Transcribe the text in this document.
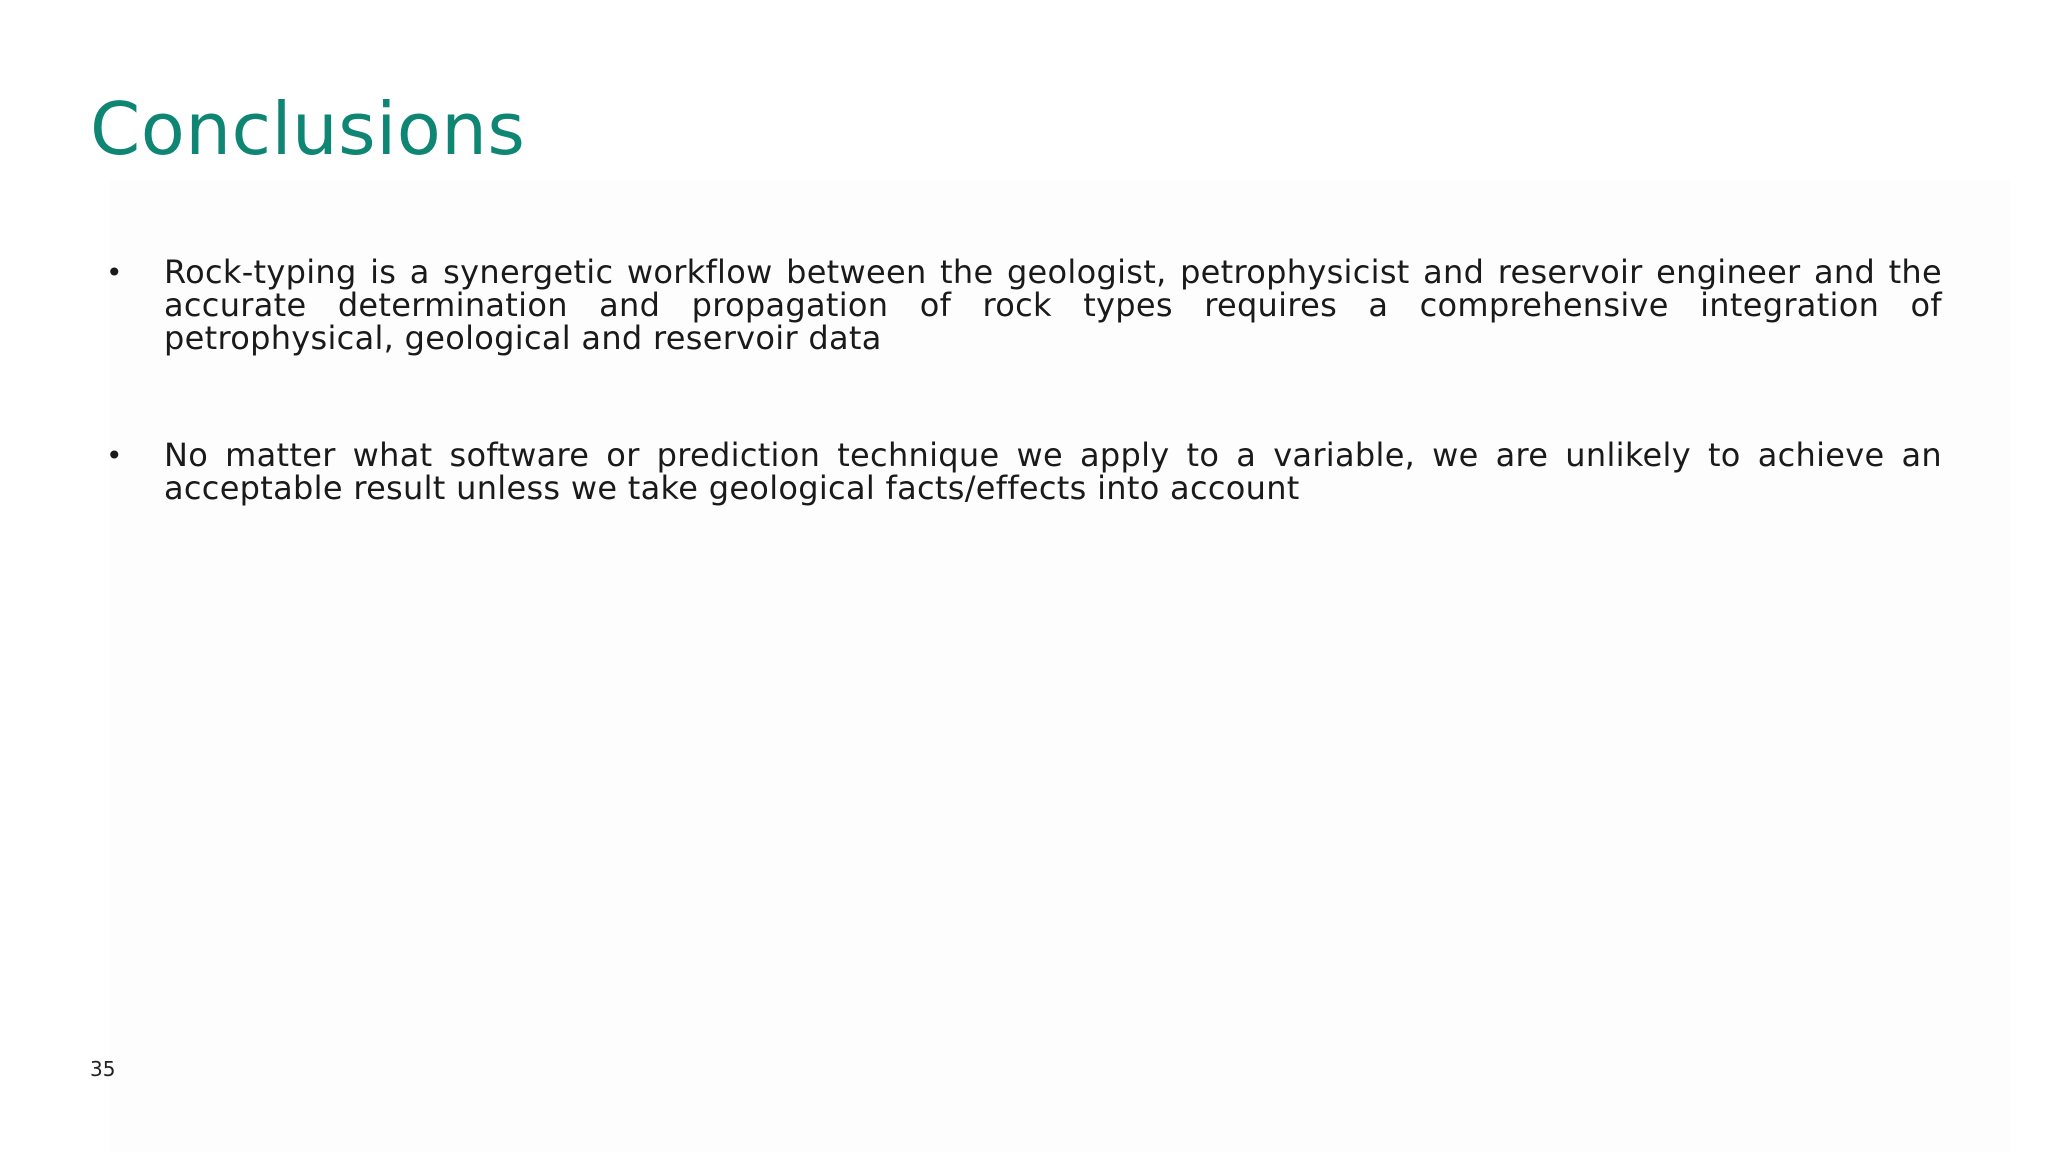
Conclusions
• Rock-typing is a synergetic workflow between the geologist, petrophysicist and reservoir engineer and the accurate determination and propagation of rock types requires a comprehensive integration of petrophysical, geological and reservoir data
• No matter what software or prediction technique we apply to a variable, we are unlikely to achieve an acceptable result unless we take geological facts/effects into account
35
